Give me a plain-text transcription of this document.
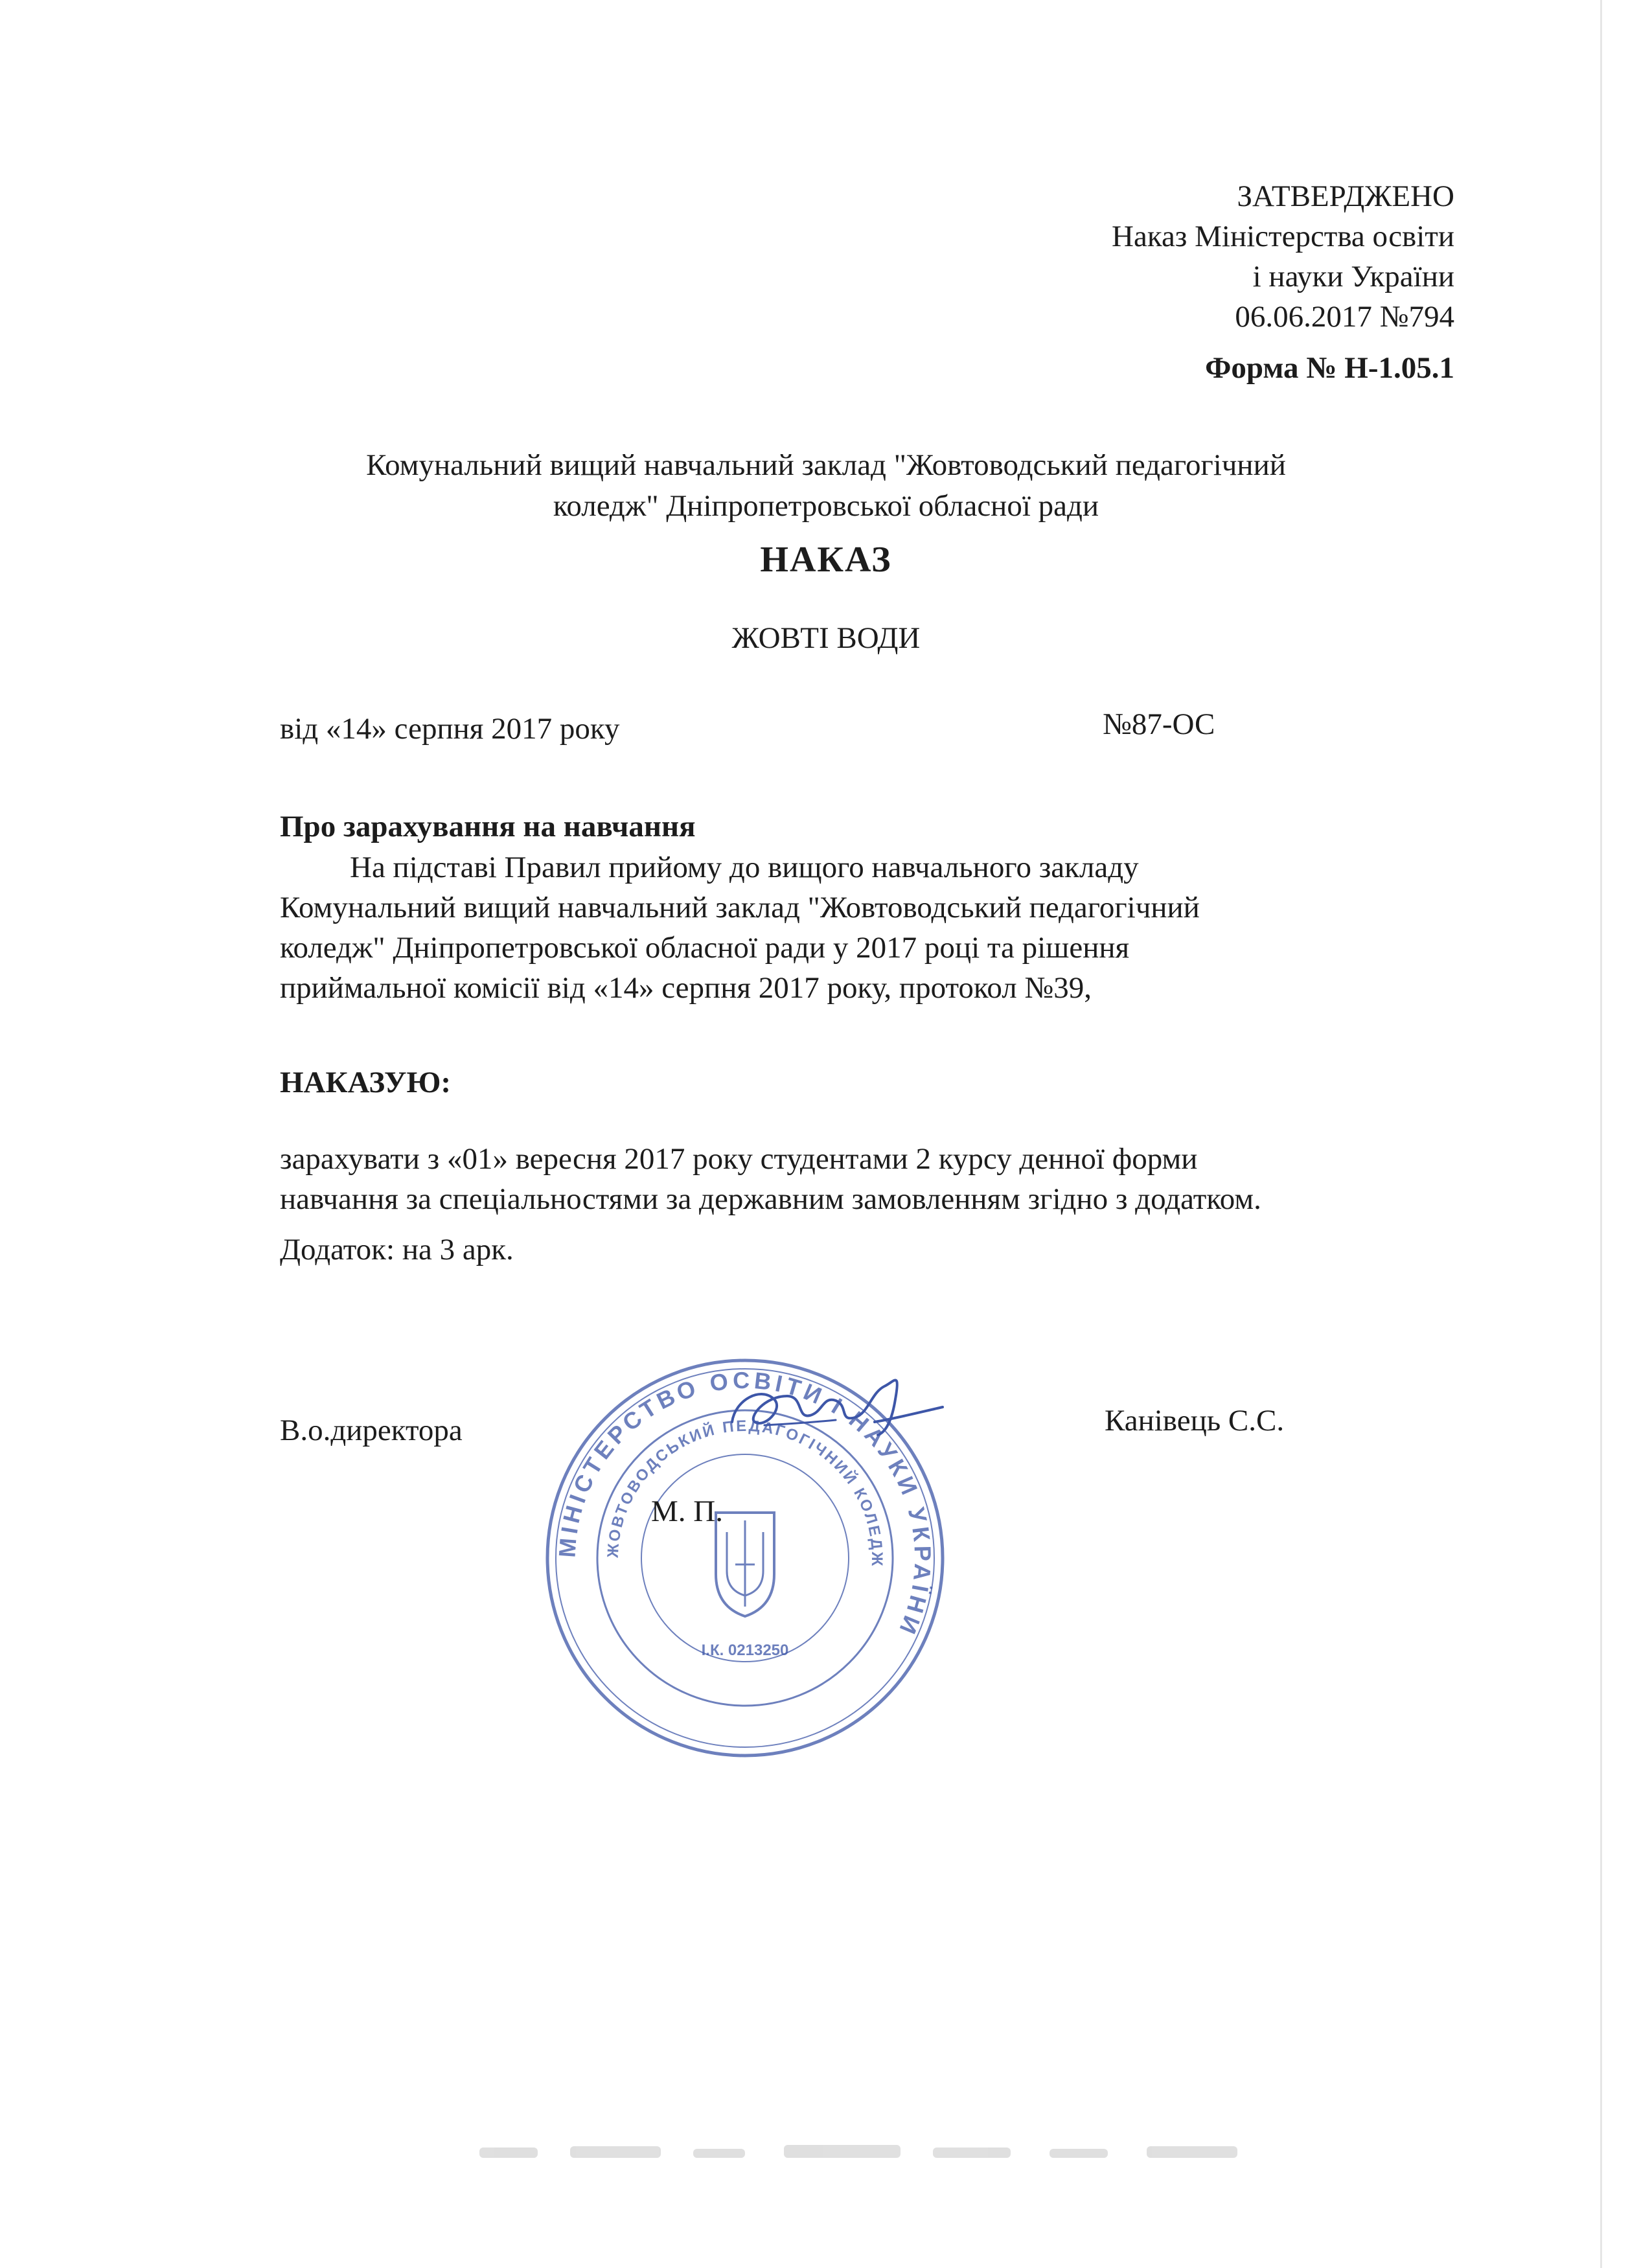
ЗАТВЕРДЖЕНО
Наказ Міністерства освіти
і науки України
06.06.2017 №794
Форма № Н-1.05.1
Комунальний вищий навчальний заклад "Жовтоводський педагогічний
коледж" Дніпропетровської обласної ради
НАКАЗ
ЖОВТІ ВОДИ
від «14» серпня 2017 року	№87-ОС
Про зарахування на навчання
На підставі Правил прийому до вищого навчального закладу
Комунальний вищий навчальний заклад "Жовтоводський педагогічний
коледж" Дніпропетровської обласної ради у 2017 році та рішення
приймальної комісії від «14» серпня 2017 року, протокол №39,
НАКАЗУЮ:
зарахувати з «01» вересня 2017 року студентами 2 курсу денної форми
навчання за спеціальностями за державним замовленням згідно з додатком.
Додаток: на 3 арк.
В.о.директора	Канівець С.С.
МІНІСТЕРСТВО ОСВІТИ І НАУКИ УКРАЇНИ
ЖОВТОВОДСЬКИЙ ПЕДАГОГІЧНИЙ КОЛЕДЖ
І.К. 0213250
М. П.
